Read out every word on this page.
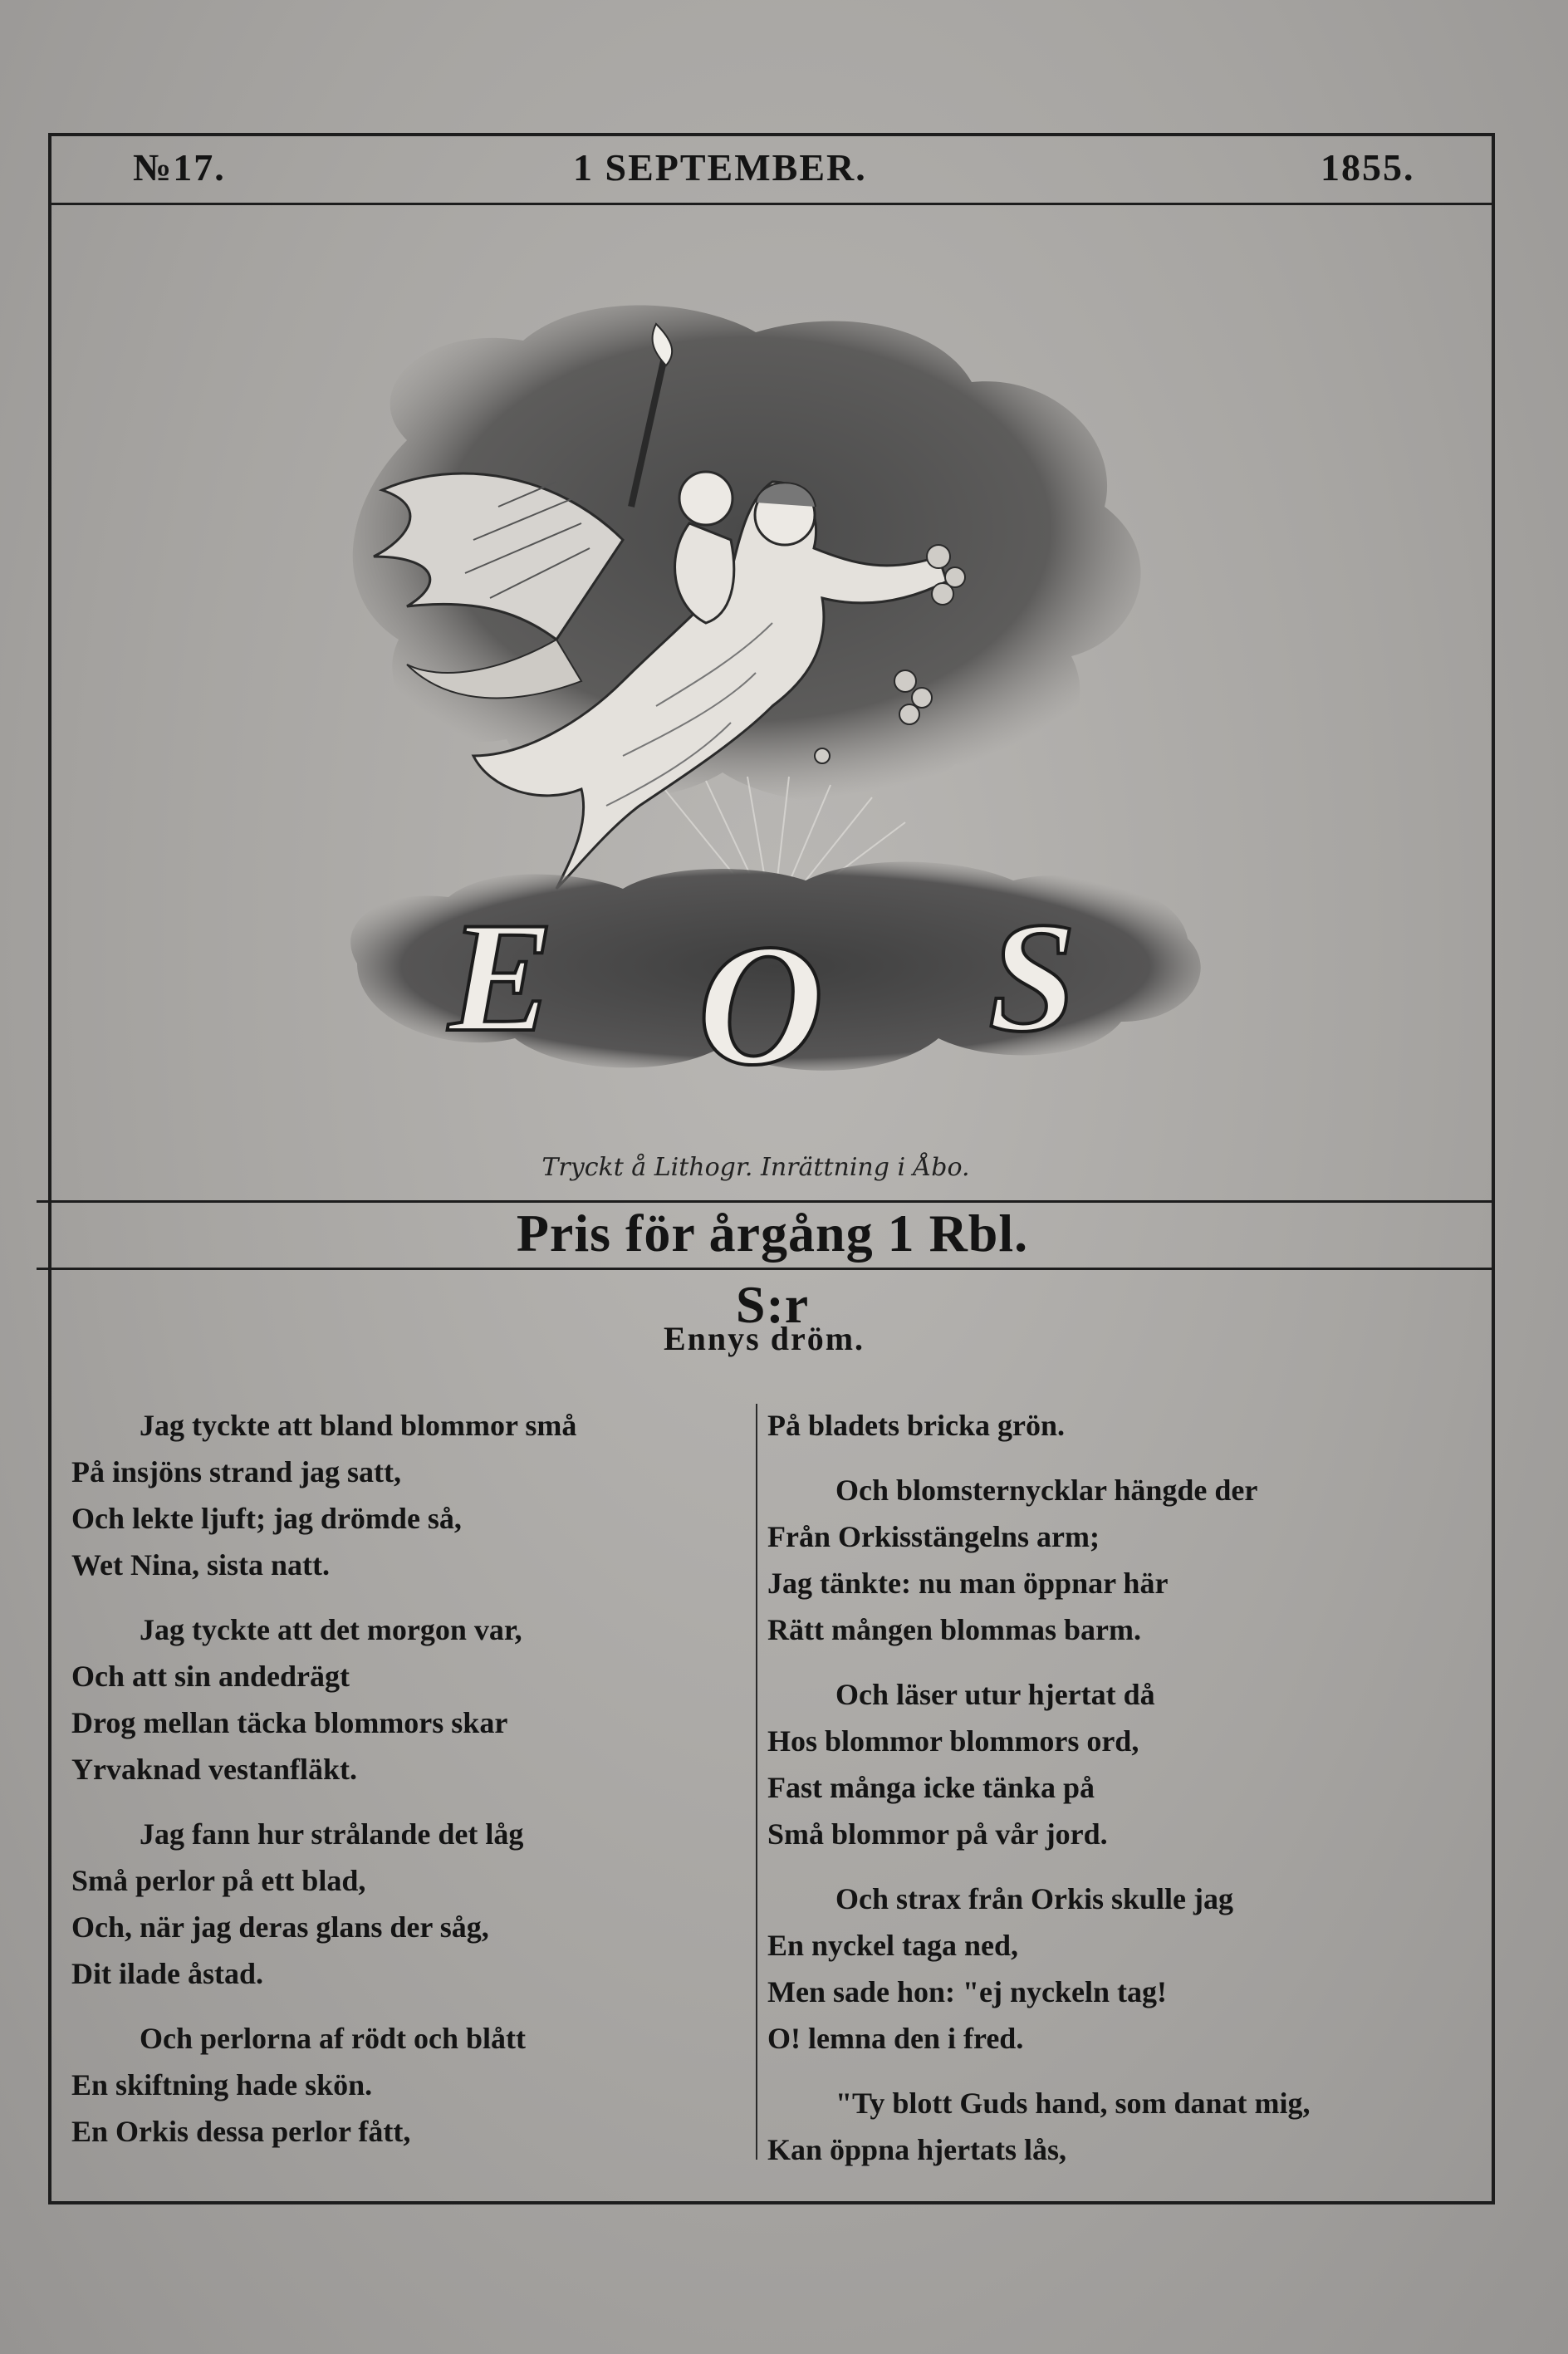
№17.	1 SEPTEMBER.	1855.
E O S
Tryckt å Lithogr. Inrättning i Åbo.
Pris för årgång 1 Rbl. S:r
Ennys dröm.
Jag tyckte att bland blommor små
På insjöns strand jag satt,
Och lekte ljuft; jag drömde så,
Wet Nina, sista natt.
Jag tyckte att det morgon var,
Och att sin andedrägt
Drog mellan täcka blommors skar
Yrvaknad vestanfläkt.
Jag fann hur strålande det låg
Små perlor på ett blad,
Och, när jag deras glans der såg,
Dit ilade åstad.
Och perlorna af rödt och blått
En skiftning hade skön.
En Orkis dessa perlor fått,
På bladets bricka grön.
Och blomsternycklar hängde der
Från Orkisstängelns arm;
Jag tänkte: nu man öppnar här
Rätt mången blommas barm.
Och läser utur hjertat då
Hos blommor blommors ord,
Fast många icke tänka på
Små blommor på vår jord.
Och strax från Orkis skulle jag
En nyckel taga ned,
Men sade hon: "ej nyckeln tag!
O! lemna den i fred.
"Ty blott Guds hand, som danat mig,
Kan öppna hjertats lås,
